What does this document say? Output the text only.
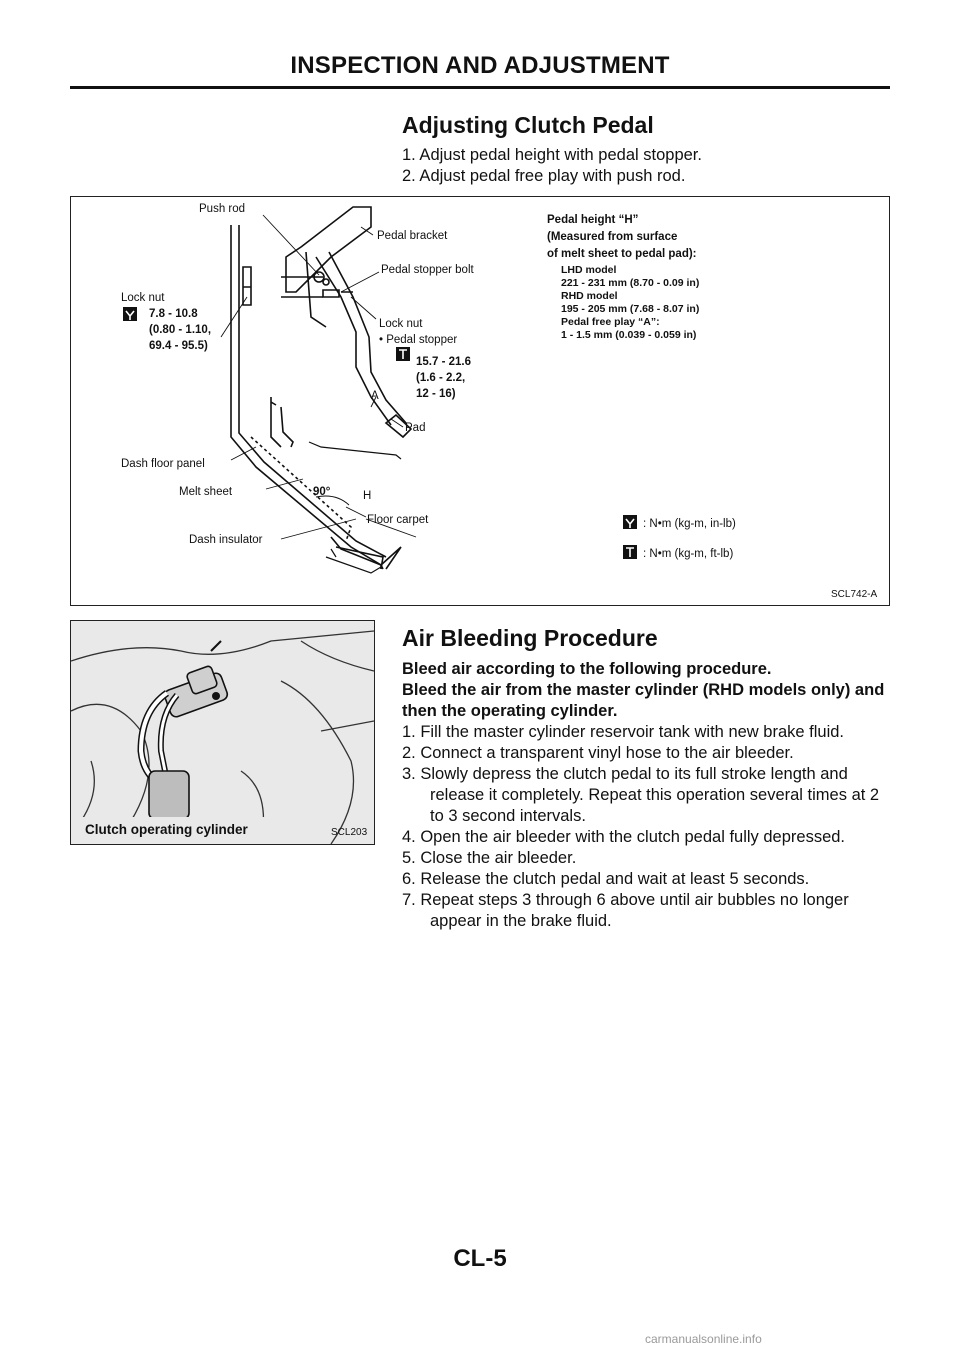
INSPECTION AND ADJUSTMENT
Adjusting Clutch Pedal

1. Adjust pedal height with pedal stopper.

2. Adjust pedal free play with push rod.

Push rod
Pedal bracket
Pedal stopper bolt
Lock nut
7.8 - 10.8
(0.80 - 1.10,
69.4 - 95.5)
Lock nut
• Pedal stopper
15.7 - 21.6
(1.6 - 2.2,
12 - 16)
A
Pad
Dash floor panel
Melt sheet	90°	H
Floor carpet
Dash insulator
Pedal height “H”
(Measured from surface
of melt sheet to pedal pad):
LHD model
221 - 231 mm (8.70 - 0.09 in)
RHD model
195 - 205 mm (7.68 - 8.07 in)
Pedal free play “A”:
1 - 1.5 mm (0.039 - 0.059 in)
: N•m (kg-m, in-lb)
: N•m (kg-m, ft-lb)
SCL742-A
Clutch operating cylinder	SCL203
Air Bleeding Procedure

Bleed air according to the following procedure.

Bleed the air from the master cylinder (RHD models only) and then the operating cylinder.

1. Fill the master cylinder reservoir tank with new brake fluid.

2. Connect a transparent vinyl hose to the air bleeder.

3. Slowly depress the clutch pedal to its full stroke length and release it completely. Repeat this operation several times at 2 to 3 second intervals.

4. Open the air bleeder with the clutch pedal fully depressed.

5. Close the air bleeder.

6. Release the clutch pedal and wait at least 5 seconds.

7. Repeat steps 3 through 6 above until air bubbles no longer appear in the brake fluid.

CL-5
carmanualsonline.info
